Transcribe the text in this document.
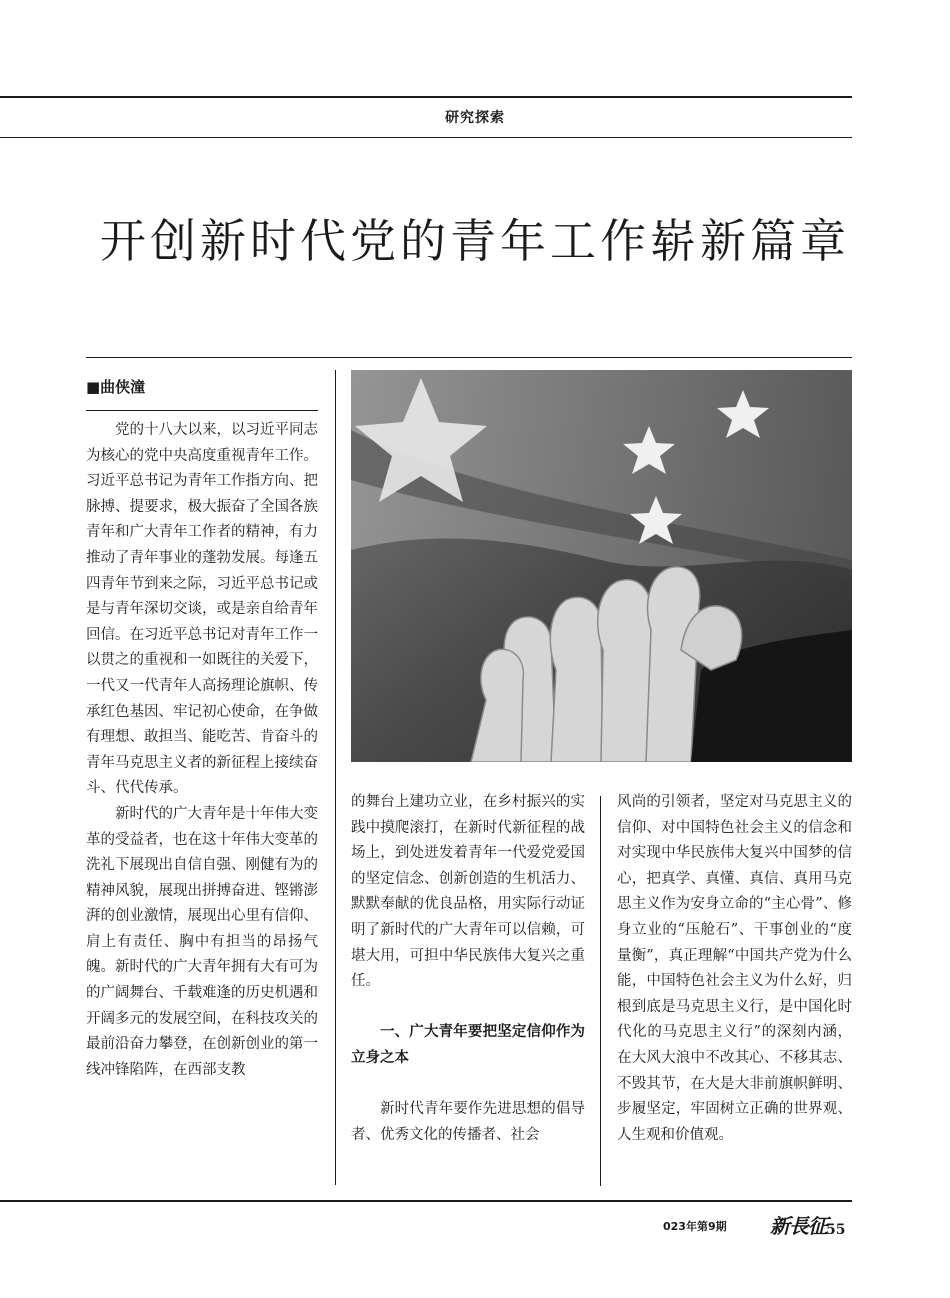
研究探索
开创新时代党的青年工作崭新篇章
■曲侠潼

党的十八大以来，以习近平同志为核心的党中央高度重视青年工作。习近平总书记为青年工作指方向、把脉搏、提要求，极大振奋了全国各族青年和广大青年工作者的精神，有力推动了青年事业的蓬勃发展。每逢五四青年节到来之际，习近平总书记或是与青年深切交谈，或是亲自给青年回信。在习近平总书记对青年工作一以贯之的重视和一如既往的关爱下，一代又一代青年人高扬理论旗帜、传承红色基因、牢记初心使命，在争做有理想、敢担当、能吃苦、肯奋斗的青年马克思主义者的新征程上接续奋斗、代代传承。

新时代的广大青年是十年伟大变革的受益者，也在这十年伟大变革的洗礼下展现出自信自强、刚健有为的精神风貌，展现出拼搏奋进、铿锵澎湃的创业激情，展现出心里有信仰、肩上有责任、胸中有担当的昂扬气魄。新时代的广大青年拥有大有可为的广阔舞台、千载难逢的历史机遇和开阔多元的发展空间，在科技攻关的最前沿奋力攀登，在创新创业的第一线冲锋陷阵，在西部支教

的舞台上建功立业，在乡村振兴的实践中摸爬滚打，在新时代新征程的战场上，到处迸发着青年一代爱党爱国的坚定信念、创新创造的生机活力、默默奉献的优良品格，用实际行动证明了新时代的广大青年可以信赖，可堪大用，可担中华民族伟大复兴之重任。

一、广大青年要把坚定信仰作为立身之本

新时代青年要作先进思想的倡导者、优秀文化的传播者、社会

风尚的引领者，坚定对马克思主义的信仰、对中国特色社会主义的信念和对实现中华民族伟大复兴中国梦的信心，把真学、真懂、真信、真用马克思主义作为安身立命的“主心骨”、修身立业的“压舱石”、干事创业的“度量衡”，真正理解“中国共产党为什么能，中国特色社会主义为什么好，归根到底是马克思主义行，是中国化时代化的马克思主义行”的深刻内涵，在大风大浪中不改其心、不移其志、不毁其节，在大是大非前旗帜鲜明、步履坚定，牢固树立正确的世界观、人生观和价值观。

023年第9期 新長征 55
